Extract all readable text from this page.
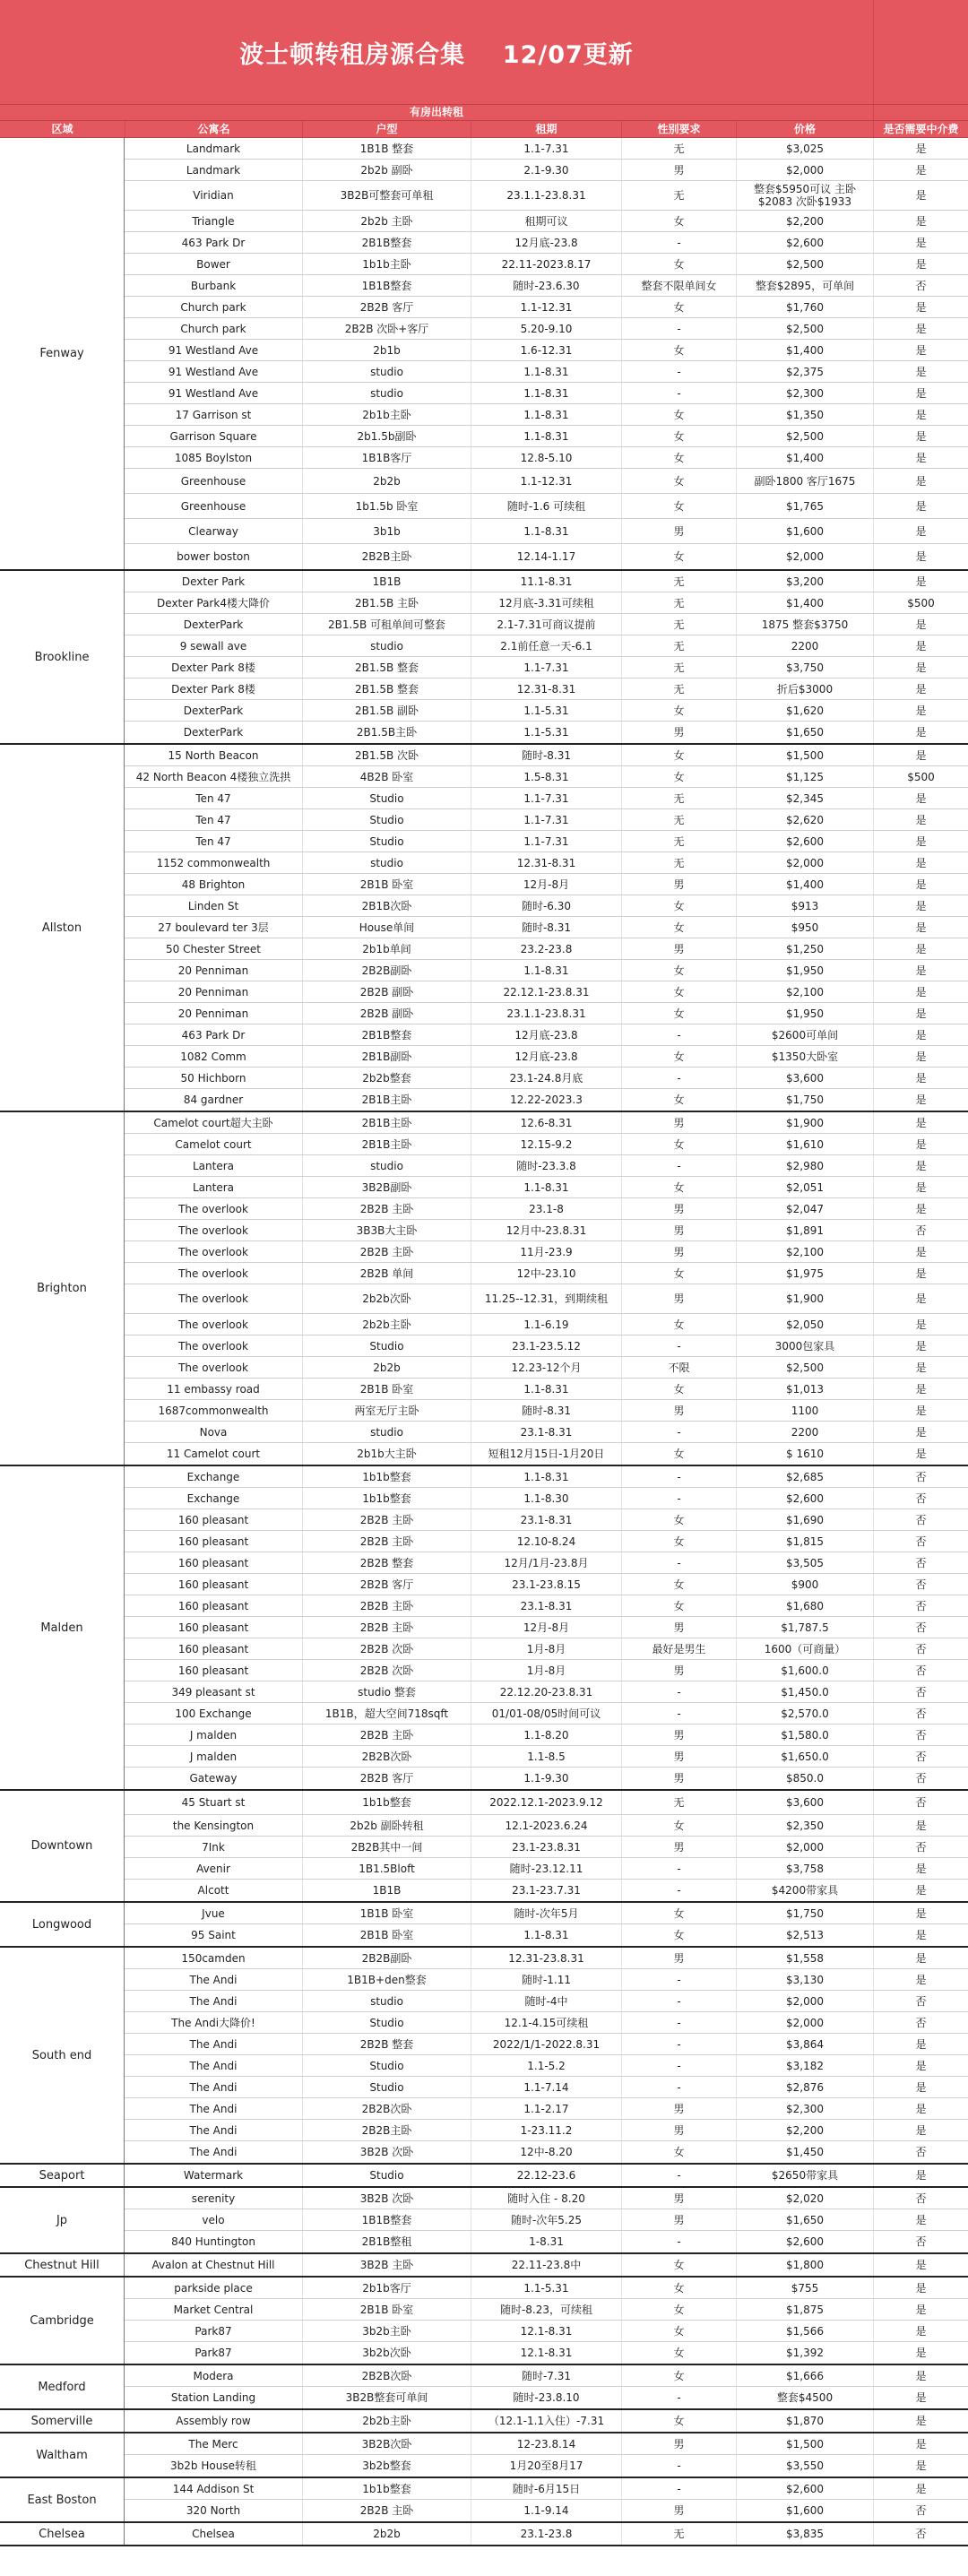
波士顿转租房源合集    12/07更新
有房出转租
区域	公寓名	户型	租期	性别要求	价格	是否需要中介费
Fenway
Landmark	1B1B 整套	1.1-7.31	无	$3,025	是
Landmark	2b2b 副卧	2.1-9.30	男	$2,000	是
Viridian	3B2B可整套可单租	23.1.1-23.8.31	无	整套$5950可议 主卧$2083 次卧$1933	是
Triangle	2b2b 主卧	租期可议	女	$2,200	是
463 Park Dr	2B1B整套	12月底-23.8	-	$2,600	是
Bower	1b1b主卧	22.11-2023.8.17	女	$2,500	是
Burbank	1B1B整套	随时-23.6.30	整套不限单间女	整套$2895，可单间	否
Church park	2B2B 客厅	1.1-12.31	女	$1,760	是
Church park	2B2B 次卧+客厅	5.20-9.10	-	$2,500	是
91 Westland Ave	2b1b	1.6-12.31	女	$1,400	是
91 Westland Ave	studio	1.1-8.31	-	$2,375	是
91 Westland Ave	studio	1.1-8.31	-	$2,300	是
17 Garrison st	2b1b主卧	1.1-8.31	女	$1,350	是
Garrison Square	2b1.5b副卧	1.1-8.31	女	$2,500	是
1085 Boylston	1B1B客厅	12.8-5.10	女	$1,400	是
Greenhouse	2b2b	1.1-12.31	女	副卧1800 客厅1675	是
Greenhouse	1b1.5b 卧室	随时-1.6 可续租	女	$1,765	是
Clearway	3b1b	1.1-8.31	男	$1,600	是
bower boston	2B2B主卧	12.14-1.17	女	$2,000	是
Brookline
Dexter Park	1B1B	11.1-8.31	无	$3,200	是
Dexter Park4楼大降价	2B1.5B 主卧	12月底-3.31可续租	无	$1,400	$500
DexterPark	2B1.5B 可租单间可整套	2.1-7.31可商议提前	无	1875 整套$3750	是
9 sewall ave	studio	2.1前任意一天-6.1	无	2200	是
Dexter Park 8楼	2B1.5B 整套	1.1-7.31	无	$3,750	是
Dexter Park 8楼	2B1.5B 整套	12.31-8.31	无	折后$3000	是
DexterPark	2B1.5B 副卧	1.1-5.31	女	$1,620	是
DexterPark	2B1.5B主卧	1.1-5.31	男	$1,650	是
Allston
15 North Beacon	2B1.5B 次卧	随时-8.31	女	$1,500	是
42 North Beacon 4楼独立洗拱	4B2B 卧室	1.5-8.31	女	$1,125	$500
Ten 47	Studio	1.1-7.31	无	$2,345	是
Ten 47	Studio	1.1-7.31	无	$2,620	是
Ten 47	Studio	1.1-7.31	无	$2,600	是
1152 commonwealth	studio	12.31-8.31	无	$2,000	是
48 Brighton	2B1B 卧室	12月-8月	男	$1,400	是
Linden St	2B1B次卧	随时-6.30	女	$913	是
27 boulevard ter 3层	House单间	随时-8.31	女	$950	是
50 Chester Street	2b1b单间	23.2-23.8	男	$1,250	是
20 Penniman	2B2B副卧	1.1-8.31	女	$1,950	是
20 Penniman	2B2B 副卧	22.12.1-23.8.31	女	$2,100	是
20 Penniman	2B2B 副卧	23.1.1-23.8.31	女	$1,950	是
463 Park Dr	2B1B整套	12月底-23.8	-	$2600可单间	是
1082 Comm	2B1B副卧	12月底-23.8	女	$1350大卧室	是
50 Hichborn	2b2b整套	23.1-24.8月底	-	$3,600	是
84 gardner	2B1B主卧	12.22-2023.3	女	$1,750	是
Brighton
Camelot court超大主卧	2B1B主卧	12.6-8.31	男	$1,900	是
Camelot court	2B1B主卧	12.15-9.2	女	$1,610	是
Lantera	studio	随时-23.3.8	-	$2,980	是
Lantera	3B2B副卧	1.1-8.31	女	$2,051	是
The overlook	2B2B 主卧	23.1-8	男	$2,047	是
The overlook	3B3B大主卧	12月中-23.8.31	男	$1,891	否
The overlook	2B2B 主卧	11月-23.9	男	$2,100	是
The overlook	2B2B 单间	12中-23.10	女	$1,975	是
The overlook	2b2b次卧	11.25--12.31，到期续租	男	$1,900	是
The overlook	2b2b主卧	1.1-6.19	女	$2,050	是
The overlook	Studio	23.1-23.5.12	-	3000包家具	是
The overlook	2b2b	12.23-12个月	不限	$2,500	是
11 embassy road	2B1B 卧室	1.1-8.31	女	$1,013	是
1687commonwealth	两室无厅主卧	随时-8.31	男	1100	是
Nova	studio	23.1-8.31	-	2200	是
11 Camelot court	2b1b大主卧	短租12月15日-1月20日	女	$ 1610	是
Malden
Exchange	1b1b整套	1.1-8.31	-	$2,685	否
Exchange	1b1b整套	1.1-8.30	-	$2,600	否
160 pleasant	2B2B 主卧	23.1-8.31	女	$1,690	否
160 pleasant	2B2B 主卧	12.10-8.24	女	$1,815	否
160 pleasant	2B2B 整套	12月/1月-23.8月	-	$3,505	否
160 pleasant	2B2B 客厅	23.1-23.8.15	女	$900	否
160 pleasant	2B2B 主卧	23.1-8.31	女	$1,680	否
160 pleasant	2B2B 主卧	12月-8月	男	$1,787.5	否
160 pleasant	2B2B 次卧	1月-8月	最好是男生	1600（可商量）	否
160 pleasant	2B2B 次卧	1月-8月	男	$1,600.0	否
349 pleasant st	studio 整套	22.12.20-23.8.31	-	$1,450.0	否
100 Exchange	1B1B，超大空间718sqft	01/01-08/05时间可议	-	$2,570.0	否
J malden	2B2B 主卧	1.1-8.20	男	$1,580.0	否
J malden	2B2B次卧	1.1-8.5	男	$1,650.0	否
Gateway	2B2B 客厅	1.1-9.30	男	$850.0	否
Downtown
45 Stuart st	1b1b整套	2022.12.1-2023.9.12	无	$3,600	否
the Kensington	2b2b 副卧转租	12.1-2023.6.24	女	$2,350	是
7Ink	2B2B其中一间	23.1-23.8.31	男	$2,000	否
Avenir	1B1.5Bloft	随时-23.12.11	-	$3,758	是
Alcott	1B1B	23.1-23.7.31	-	$4200带家具	是
Longwood
Jvue	1B1B 卧室	随时-次年5月	女	$1,750	是
95 Saint	2B1B 卧室	1.1-8.31	女	$2,513	是
South end
150camden	2B2B副卧	12.31-23.8.31	男	$1,558	是
The Andi	1B1B+den整套	随时-1.11	-	$3,130	是
The Andi	studio	随时-4中	-	$2,000	否
The Andi大降价!	Studio	12.1-4.15可续租	-	$2,000	否
The Andi	2B2B 整套	2022/1/1-2022.8.31	-	$3,864	是
The Andi	Studio	1.1-5.2	-	$3,182	是
The Andi	Studio	1.1-7.14	-	$2,876	是
The Andi	2B2B次卧	1.1-2.17	男	$2,300	是
The Andi	2B2B主卧	1-23.11.2	男	$2,200	是
The Andi	3B2B 次卧	12中-8.20	女	$1,450	否
Seaport	Watermark	Studio	22.12-23.6	-	$2650带家具	是
Jp
serenity	3B2B 次卧	随时入住 - 8.20	男	$2,020	否
velo	1B1B整套	随时-次年5.25	男	$1,650	是
840 Huntington	2B1B整租	1-8.31	-	$2,600	否
Chestnut Hill	Avalon at Chestnut Hill	3B2B 主卧	22.11-23.8中	女	$1,800	是
Cambridge
parkside place	2b1b客厅	1.1-5.31	女	$755	是
Market Central	2B1B 卧室	随时-8.23，可续租	女	$1,875	是
Park87	3b2b主卧	12.1-8.31	女	$1,566	是
Park87	3b2b次卧	12.1-8.31	女	$1,392	是
Medford
Modera	2B2B次卧	随时-7.31	女	$1,666	是
Station Landing	3B2B整套可单间	随时-23.8.10	-	整套$4500	是
Somerville	Assembly row	2b2b主卧	（12.1-1.1入住）-7.31	女	$1,870	是
Waltham
The Merc	3B2B次卧	12-23.8.14	男	$1,500	是
3b2b House转租	3b2b整套	1月20至8月17	-	$3,550	是
East Boston
144 Addison St	1b1b整套	随时-6月15日	-	$2,600	是
320 North	2B2B 主卧	1.1-9.14	男	$1,600	否
Chelsea	Chelsea	2b2b	23.1-23.8	无	$3,835	否
